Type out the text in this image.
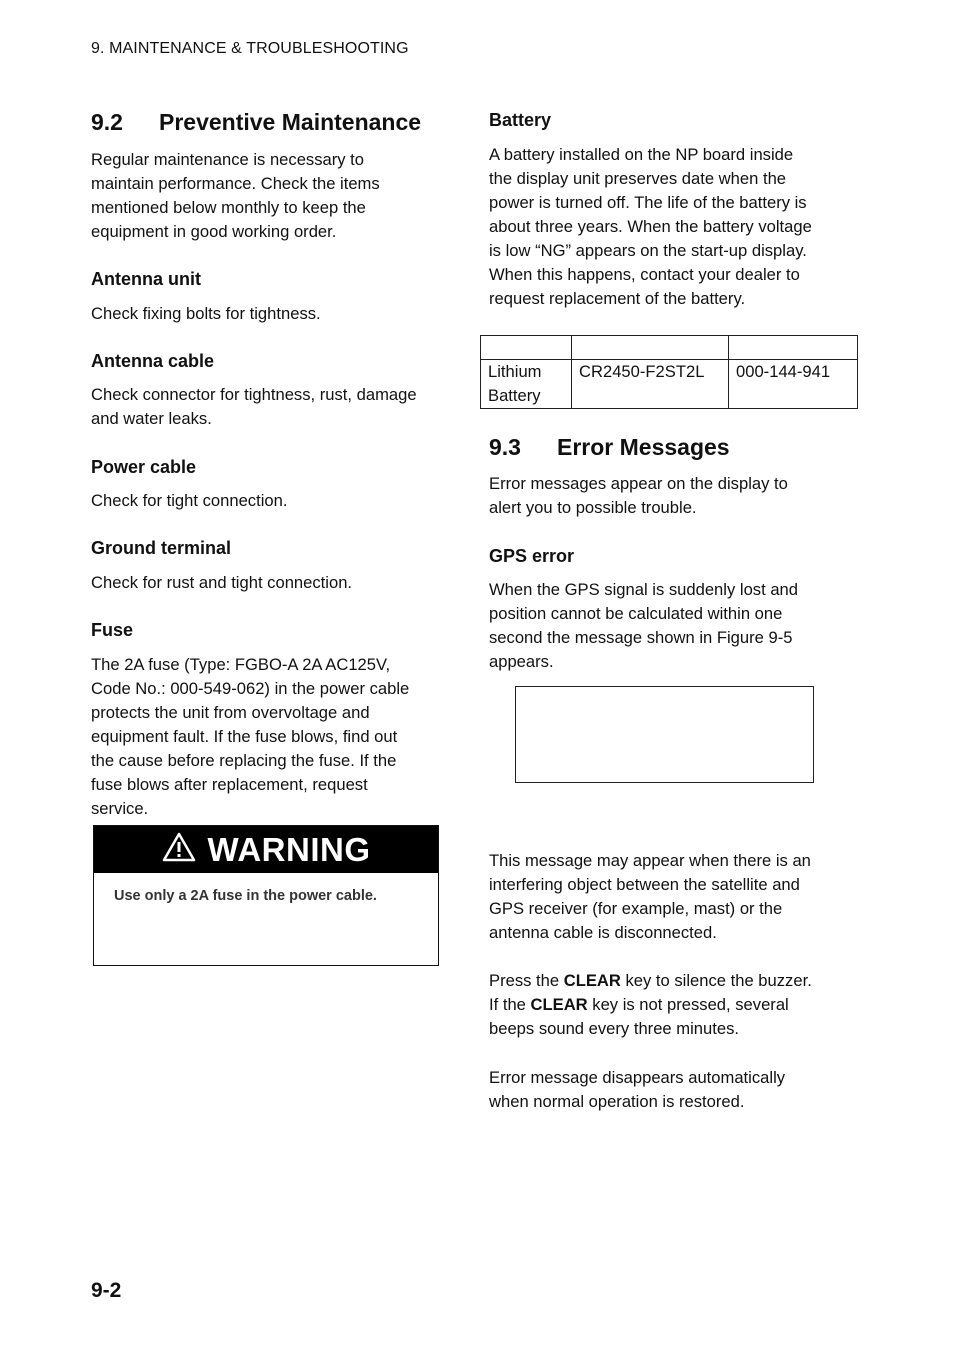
9. MAINTENANCE & TROUBLESHOOTING
9.2 Preventive Maintenance
Regular maintenance is necessary to
maintain performance. Check the items
mentioned below monthly to keep the
equipment in good working order.
Antenna unit
Check fixing bolts for tightness.
Antenna cable
Check connector for tightness, rust, damage
and water leaks.
Power cable
Check for tight connection.
Ground terminal
Check for rust and tight connection.
Fuse
The 2A fuse (Type: FGBO-A 2A AC125V,
Code No.: 000-549-062) in the power cable
protects the unit from overvoltage and
equipment fault. If the fuse blows, find out
the cause before replacing the fuse. If the
fuse blows after replacement, request
service.
WARNING
Use only a 2A fuse in the power cable.
Battery
A battery installed on the NP board inside
the display unit preserves date when the
power is turned off. The life of the battery is
about three years. When the battery voltage
is low “NG” appears on the start-up display.
When this happens, contact your dealer to
request replacement of the battery.

Lithium
Battery	CR2450-F2ST2L	000-144-941
9.3 Error Messages
Error messages appear on the display to
alert you to possible trouble.
GPS error
When the GPS signal is suddenly lost and
position cannot be calculated within one
second the message shown in Figure 9-5
appears.
This message may appear when there is an
interfering object between the satellite and
GPS receiver (for example, mast) or the
antenna cable is disconnected.
Press the CLEAR key to silence the buzzer.
If the CLEAR key is not pressed, several
beeps sound every three minutes.
Error message disappears automatically
when normal operation is restored.
9-2
